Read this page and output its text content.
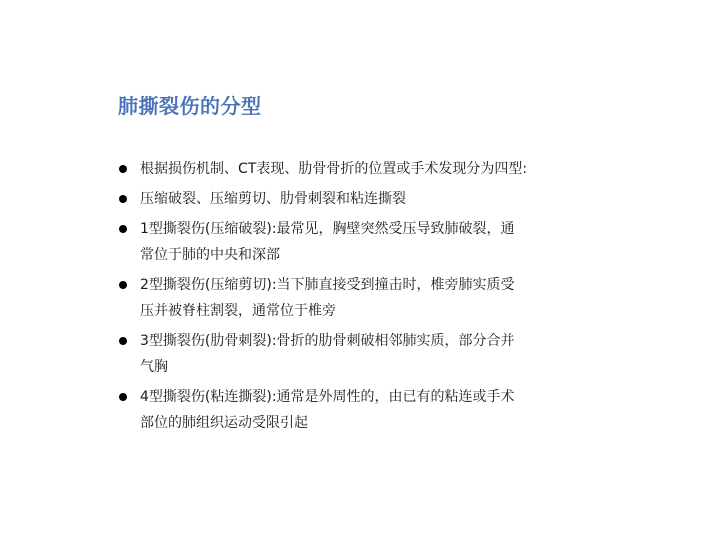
肺撕裂伤的分型
根据损伤机制、CT表现、肋骨骨折的位置或手术发现分为四型:
压缩破裂、压缩剪切、肋骨刺裂和粘连撕裂
1型撕裂伤(压缩破裂):最常见，胸壁突然受压导致肺破裂，通
常位于肺的中央和深部
2型撕裂伤(压缩剪切):当下肺直接受到撞击时，椎旁肺实质受
压并被脊柱割裂，通常位于椎旁
3型撕裂伤(肋骨刺裂):骨折的肋骨刺破相邻肺实质，部分合并
气胸
4型撕裂伤(粘连撕裂):通常是外周性的，由已有的粘连或手术
部位的肺组织运动受限引起
